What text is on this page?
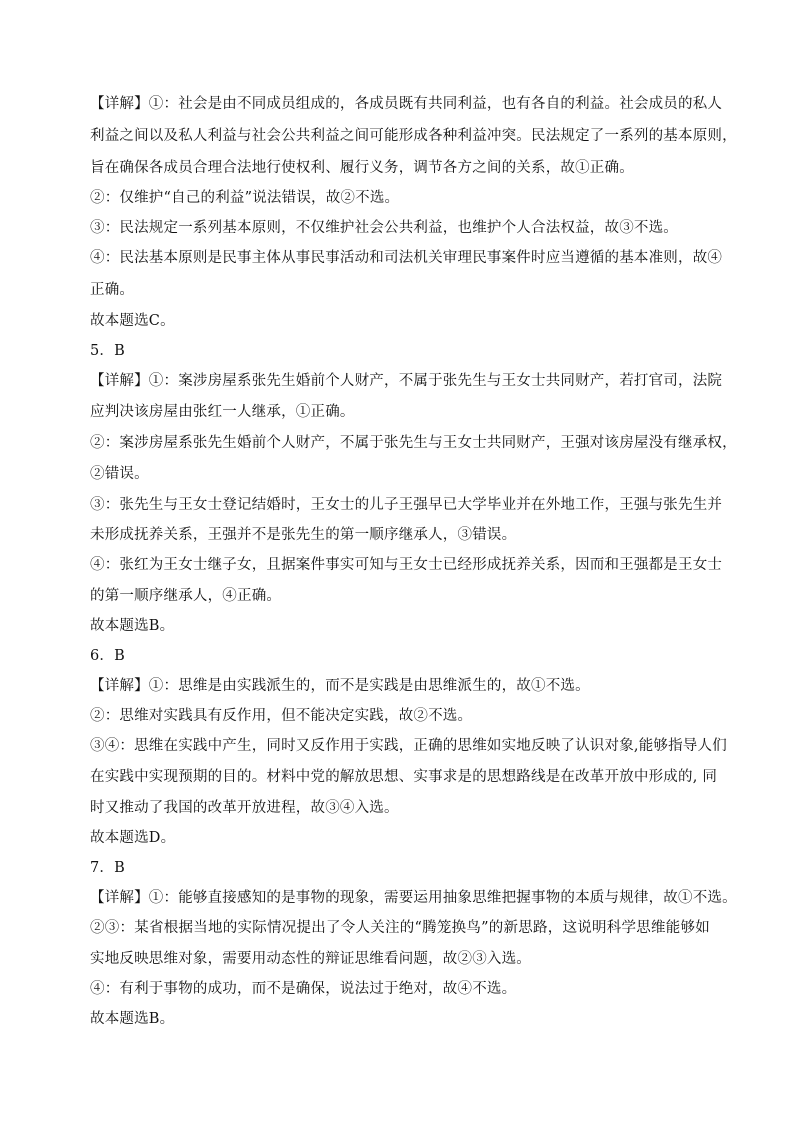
【详解】①：社会是由不同成员组成的，各成员既有共同利益，也有各自的利益。社会成员的私人
利益之间以及私人利益与社会公共利益之间可能形成各种利益冲突。民法规定了一系列的基本原则，
旨在确保各成员合理合法地行使权利、履行义务，调节各方之间的关系，故①正确。
②：仅维护“自己的利益”说法错误，故②不选。
③：民法规定一系列基本原则，不仅维护社会公共利益，也维护个人合法权益，故③不选。
④：民法基本原则是民事主体从事民事活动和司法机关审理民事案件时应当遵循的基本准则，故④
正确。
故本题选C。
5．B
【详解】①：案涉房屋系张先生婚前个人财产，不属于张先生与王女士共同财产，若打官司，法院
应判决该房屋由张红一人继承，①正确。
②：案涉房屋系张先生婚前个人财产，不属于张先生与王女士共同财产，王强对该房屋没有继承权，
②错误。
③：张先生与王女士登记结婚时，王女士的儿子王强早已大学毕业并在外地工作，王强与张先生并
未形成抚养关系，王强并不是张先生的第一顺序继承人，③错误。
④：张红为王女士继子女，且据案件事实可知与王女士已经形成抚养关系，因而和王强都是王女士
的第一顺序继承人，④正确。
故本题选B。
6．B
【详解】①：思维是由实践派生的，而不是实践是由思维派生的，故①不选。
②：思维对实践具有反作用，但不能决定实践，故②不选。
③④：思维在实践中产生，同时又反作用于实践，正确的思维如实地反映了认识对象,能够指导人们
在实践中实现预期的目的。材料中党的解放思想、实事求是的思想路线是在改革开放中形成的, 同
时又推动了我国的改革开放进程，故③④入选。
故本题选D。
7．B
【详解】①：能够直接感知的是事物的现象，需要运用抽象思维把握事物的本质与规律，故①不选。
②③：某省根据当地的实际情况提出了令人关注的“腾笼换鸟”的新思路，这说明科学思维能够如
实地反映思维对象，需要用动态性的辩证思维看问题，故②③入选。
④：有利于事物的成功，而不是确保，说法过于绝对，故④不选。
故本题选B。
